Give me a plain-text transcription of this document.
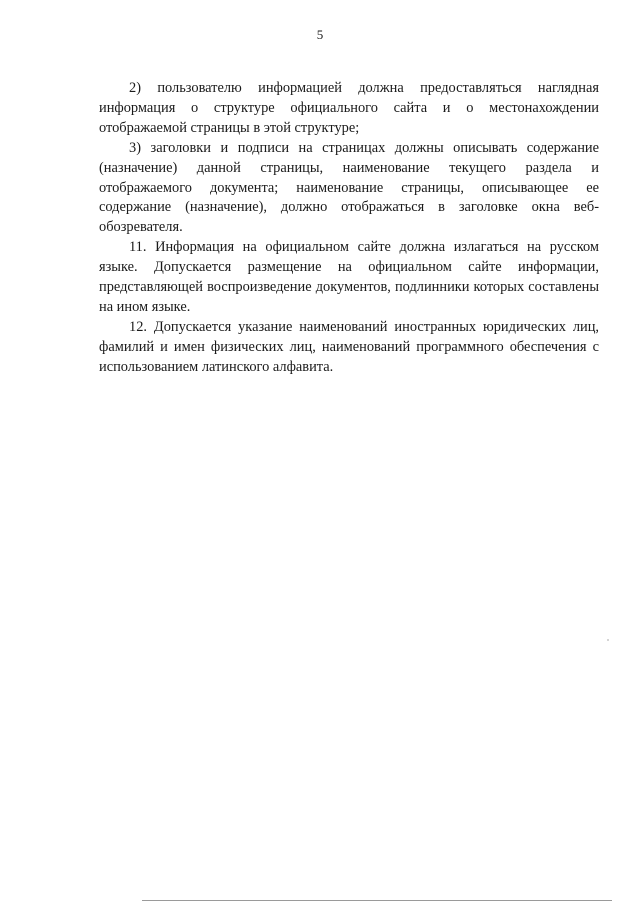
5

2) пользователю информацией должна предоставляться наглядная информация о структуре официального сайта и о местонахождении отображаемой страницы в этой структуре;

3) заголовки и подписи на страницах должны описывать содержание (назначение) данной страницы, наименование текущего раздела и отображаемого документа; наименование страницы, описывающее ее содержание (назначение), должно отображаться в заголовке окна веб-обозревателя.

11. Информация на официальном сайте должна излагаться на русском языке. Допускается размещение на официальном сайте информации, представляющей воспроизведение документов, подлинники которых составлены на ином языке.

12. Допускается указание наименований иностранных юридических лиц, фамилий и имен физических лиц, наименований программного обеспечения с использованием латинского алфавита.
